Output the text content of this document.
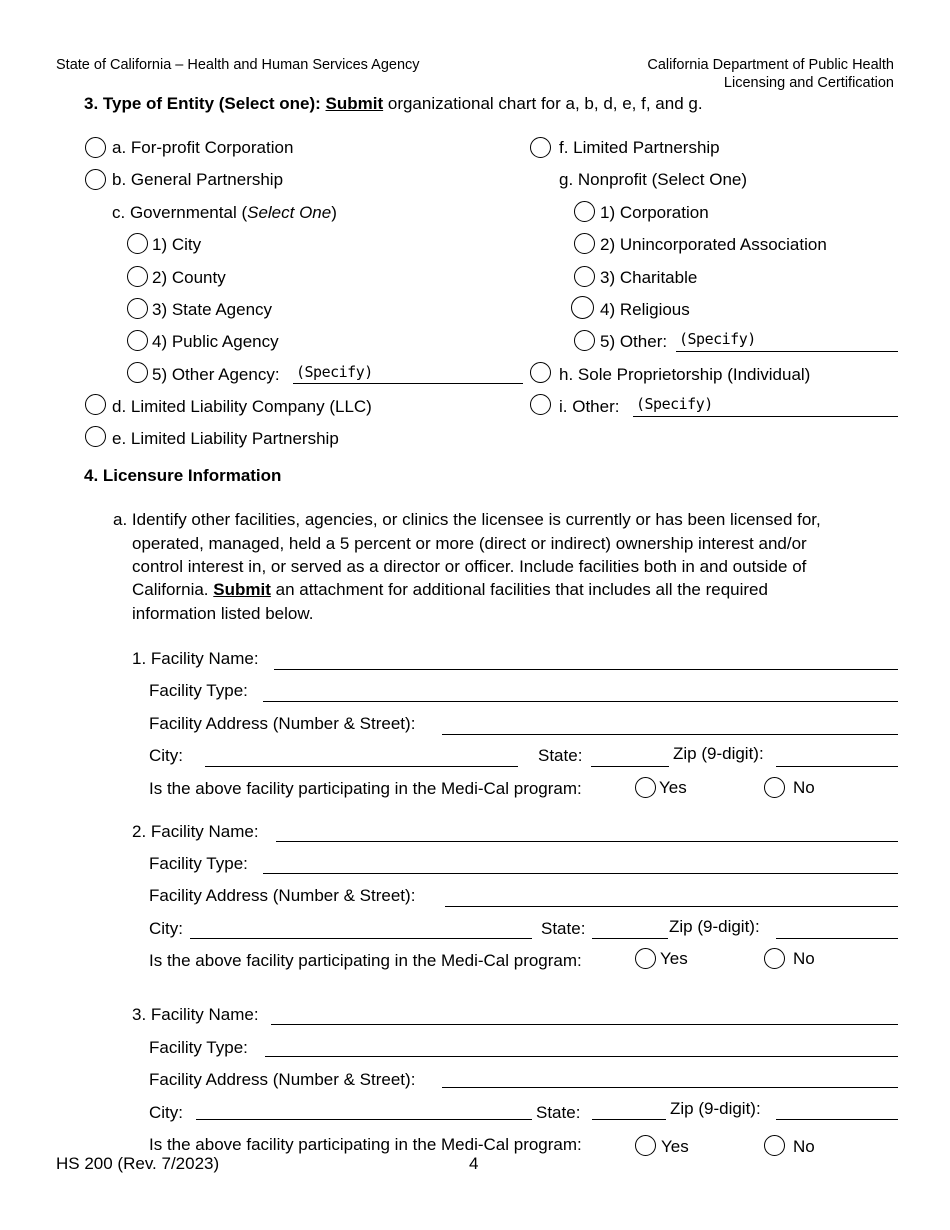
State of California – Health and Human Services Agency	California Department of Public Health
Licensing and Certification
3. Type of Entity (Select one): Submit organizational chart for a, b, d, e, f, and g.
a. For-profit Corporation
b. General Partnership
c. Governmental (Select One)
1) City
2) County
3) State Agency
4) Public Agency
5) Other Agency: (Specify)
d. Limited Liability Company (LLC)
e. Limited Liability Partnership
f. Limited Partnership
g. Nonprofit (Select One)
1) Corporation
2) Unincorporated Association
3) Charitable
4) Religious
5) Other: (Specify)
h. Sole Proprietorship (Individual)
i. Other: (Specify)
4. Licensure Information
a. Identify other facilities, agencies, or clinics the licensee is currently or has been licensed for,
operated, managed, held a 5 percent or more (direct or indirect) ownership interest and/or
control interest in, or served as a director or officer. Include facilities both in and outside of
California. Submit an attachment for additional facilities that includes all the required
information listed below.
1. Facility Name:
Facility Type:
Facility Address (Number & Street):
City:	State:	Zip (9-digit):
Is the above facility participating in the Medi-Cal program:	Yes	No
2. Facility Name:
Facility Type:
Facility Address (Number & Street):
City:	State:	Zip (9-digit):
Is the above facility participating in the Medi-Cal program:	Yes	No
3. Facility Name:
Facility Type:
Facility Address (Number & Street):
City:	State:	Zip (9-digit):
Is the above facility participating in the Medi-Cal program:	Yes	No
HS 200 (Rev. 7/2023)	4
